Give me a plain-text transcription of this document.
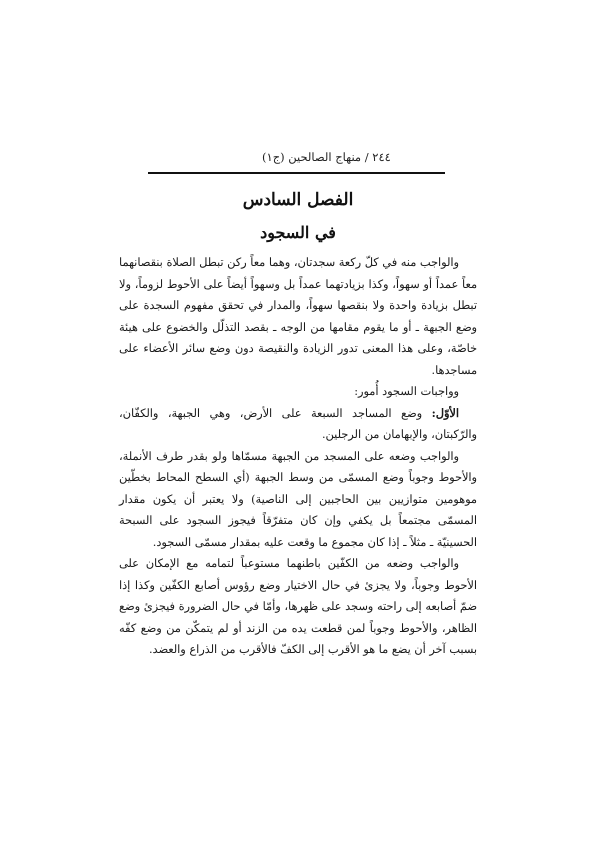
٢٤٤ / منهاج الصالحين (ج١)
الفصل السادس
في السجود

والواجب منه في كلّ ركعة سجدتان، وهما معاً ركن تبطل الصلاة بنقصانهما معاً عمداً أو سهواً، وكذا بزيادتهما عمداً بل وسهواً أيضاً على الأحوط لزوماً، ولا تبطل بزيادة واحدة ولا بنقصها سهواً، والمدار في تحقق مفهوم السجدة على وضع الجبهة ـ أو ما يقوم مقامها من الوجه ـ بقصد التذلّل والخضوع على هيئة خاصّة، وعلى هذا المعنى تدور الزيادة والنقيصة دون وضع سائر الأعضاء على مساجدها.

وواجبات السجود أُمور:

الأوّل: وضع المساجد السبعة على الأرض، وهي الجبهة، والكفّان، والرّكبتان، والإبهامان من الرجلين.

والواجب وضعه على المسجد من الجبهة مسمّاها ولو بقدر طرف الأنملة، والأحوط وجوباً وضع المسمّى من وسط الجبهة (أي السطح المحاط بخطّين موهومين متوازيين بين الحاجبين إلى الناصية) ولا يعتبر أن يكون مقدار المسمّى مجتمعاً بل يكفي وإن كان متفرّقاً فيجوز السجود على السبحة الحسينيّة ـ مثلاً ـ إذا كان مجموع ما وقعت عليه بمقدار مسمّى السجود.

والواجب وضعه من الكفّين باطنهما مستوعباً لتمامه مع الإمكان على الأحوط وجوباً، ولا يجزئ في حال الاختيار وضع رؤوس أصابع الكفّين وكذا إذا ضمّ أصابعه إلى راحته وسجد على ظهرها، وأمّا في حال الضرورة فيجزئ وضع الظاهر، والأحوط وجوباً لمن قطعت يده من الزند أو لم يتمكّن من وضع كفّه بسبب آخر أن يضع ما هو الأقرب إلى الكفّ فالأقرب من الذراع والعضد.
